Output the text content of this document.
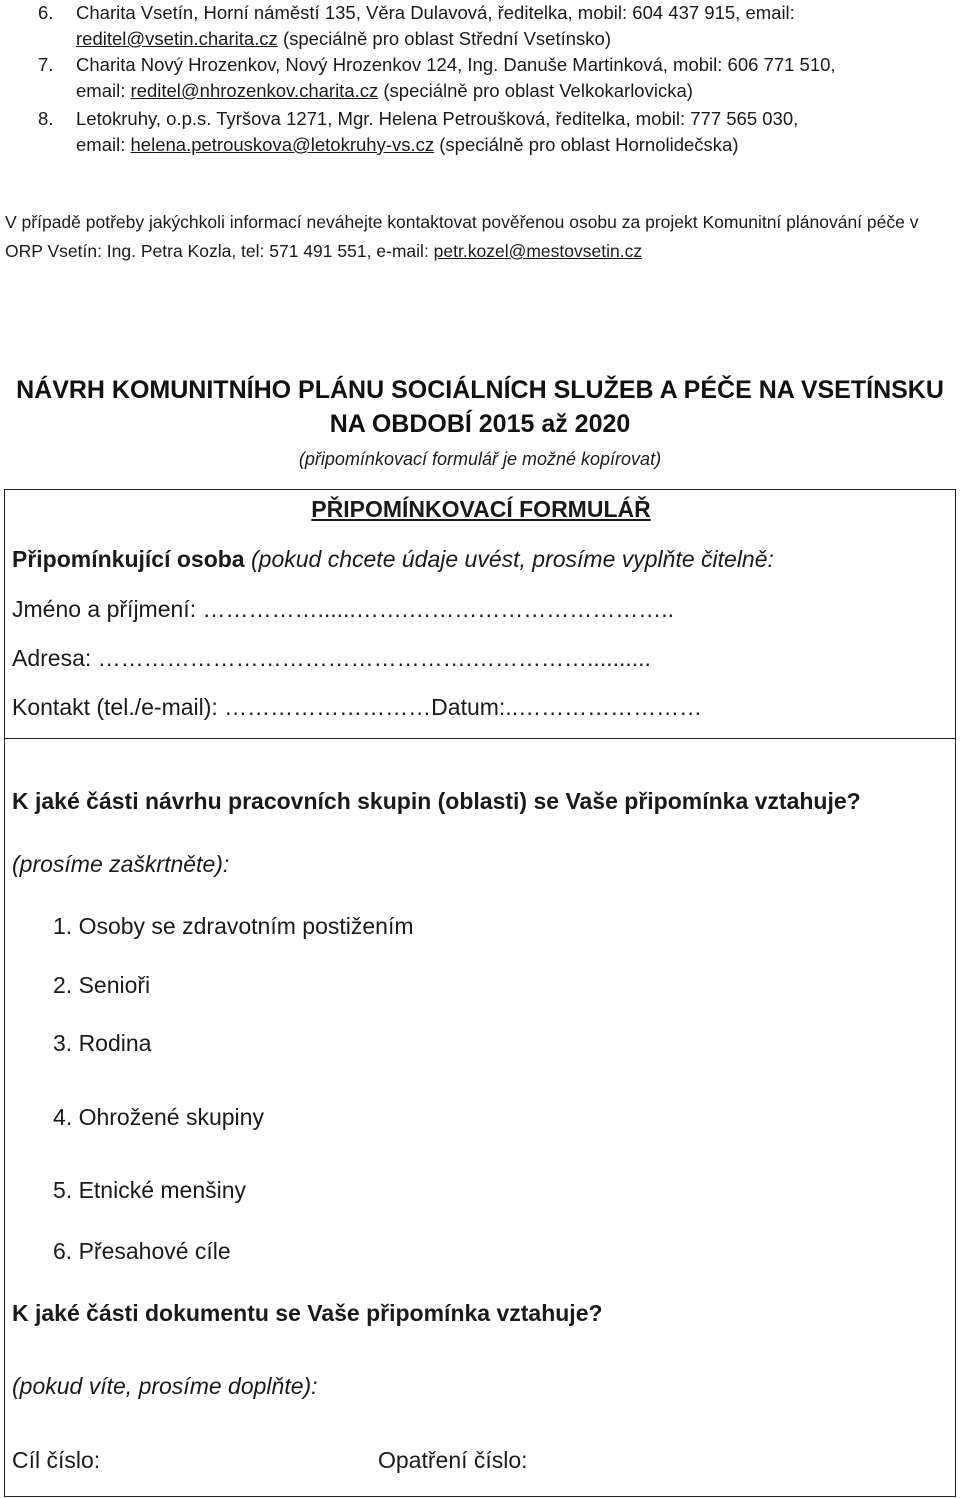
6.	Charita Vsetín, Horní náměstí 135, Věra Dulavová, ředitelka, mobil: 604 437 915, email:
reditel@vsetin.charita.cz (speciálně pro oblast Střední Vsetínsko)
7.	Charita Nový Hrozenkov, Nový Hrozenkov 124, Ing. Danuše Martinková, mobil: 606 771 510,
email: reditel@nhrozenkov.charita.cz (speciálně pro oblast Velkokarlovicka)
8.	Letokruhy, o.p.s. Tyršova 1271, Mgr. Helena Petroušková, ředitelka, mobil: 777 565 030,
email: helena.petrouskova@letokruhy-vs.cz (speciálně pro oblast Hornolidečska)
V případě potřeby jakýchkoli informací neváhejte kontaktovat pověřenou osobu za projekt Komunitní plánování péče v ORP Vsetín: Ing. Petra Kozla, tel: 571 491 551, e-mail: petr.kozel@mestovsetin.cz
NÁVRH KOMUNITNÍHO PLÁNU SOCIÁLNÍCH SLUŽEB A PÉČE NA VSETÍNSKU
NA OBDOBÍ 2015 až 2020
(připomínkovací formulář je možné kopírovat)
PŘIPOMÍNKOVACÍ FORMULÁŘ
Připomínkující osoba (pokud chcete údaje uvést, prosíme vyplňte čitelně:
Jméno a příjmení: ……………......…….……………………………..
Adresa: ………………………………………….……………..........
Kontakt (tel./e-mail): ………………………Datum:..……………………
K jaké části návrhu pracovních skupin (oblasti) se Vaše připomínka vztahuje?
(prosíme zaškrtněte):
1. Osoby se zdravotním postižením
2. Senioři
3. Rodina
4. Ohrožené skupiny
5. Etnické menšiny
6. Přesahové cíle
K jaké části dokumentu se Vaše připomínka vztahuje?
(pokud víte, prosíme doplňte):
Cíl číslo:	Opatření číslo:
